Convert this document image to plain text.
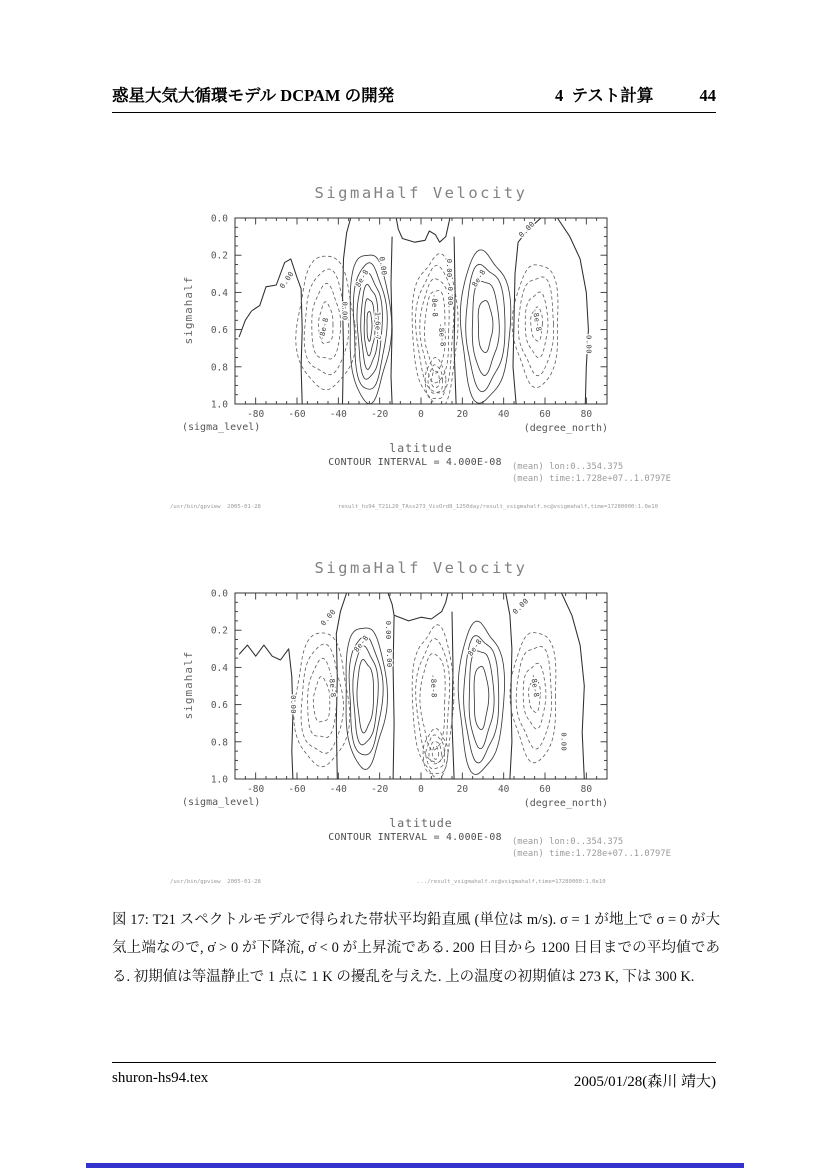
惑星大気大循環モデル DCPAM の開発	4  テスト計算	44
SigmaHalf Velocity
-80	-60	-40	-20	0	20	40	60	80
0.0
0.2
0.4
0.6
0.8
1.0
0.00
0.00
-8e-8
8e-8
1.6e-7
0.00
-8e-8
-8e-8
0.00
0.00
8e-8
-8e-8
0.00
0.00
sigmahalf
(sigma_level)	(degree_north)
latitude
CONTOUR INTERVAL = 4.000E-08 (mean) lon:0..354.375
(mean) time:1.728e+07..1.0797E
/usr/bin/gpview  2005-01-28	result_hs94_T21L20_TAss273_VisOrd8_1250day/result_vsigmahalf.nc@vsigmahalf,time=17280000:1.0e10
SigmaHalf Velocity
-80	-60	-40	-20	0	20	40	60	80
0.0
0.2
0.4
0.6
0.8
1.0
0.00
0.00
-8e-8
8e-8
0.00
0.00
-8e-8
8e-8
-8e-8
0.00
0.00
sigmahalf
(sigma_level)	(degree_north)
latitude
CONTOUR INTERVAL = 4.000E-08 (mean) lon:0..354.375
(mean) time:1.728e+07..1.0797E
/usr/bin/gpview  2005-01-28	.../result_vsigmahalf.nc@vsigmahalf,time=17280000:1.0e10
図 17: T21 スペクトルモデルで得られた帯状平均鉛直風 (単位は m/s). σ = 1 が地上で σ = 0 が大気上端なので, σ̇ > 0 が下降流, σ̇ < 0 が上昇流である. 200 日目から 1200 日目までの平均値である. 初期値は等温静止で 1 点に 1 K の擾乱を与えた. 上の温度の初期値は 273 K, 下は 300 K.
shuron-hs94.tex	2005/01/28(森川 靖大)
